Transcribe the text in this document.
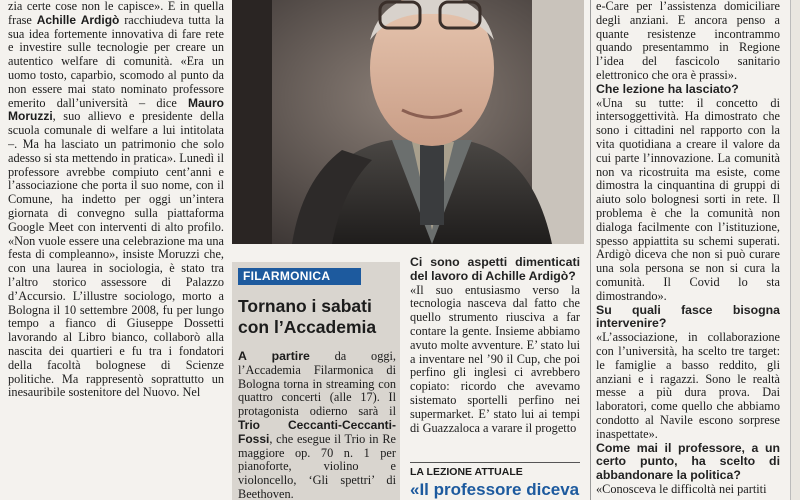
zia certe cose non le capisce». E in quella frase Achille Ardigò racchiudeva tutta la sua idea fortemente innovativa di fare rete e investire sulle tecnologie per creare un autentico welfare di comunità. «Era un uomo tosto, caparbio, scomodo al punto da non essere mai stato nominato professore emerito dall’università – dice Mauro Moruzzi, suo allievo e presidente della scuola comunale di welfare a lui intitolata –. Ma ha lasciato un patrimonio che solo adesso si sta mettendo in pratica». Lunedì il professore avrebbe compiuto cent’anni e l’associazione che porta il suo nome, con il Comune, ha indetto per oggi un’intera giornata di convegno sulla piattaforma Google Meet con interventi di alto profilo. «Non vuole essere una celebrazione ma una festa di compleanno», insiste Moruzzi che, con una laurea in sociologia, è stato tra l’altro storico assessore di Palazzo d’Accursio. L’illustre sociologo, morto a Bologna il 10 settembre 2008, fu per lungo tempo a fianco di Giuseppe Dossetti lavorando al Libro bianco, collaborò alla nascita dei quartieri e fu tra i fondatori della facoltà bolognese di Scienze politiche. Ma rappresentò soprattutto un inesauribile sostenitore del Nuovo. Nel

FILARMONICA
Tornano i sabati con l’Accademia

A partire da oggi, l’Accademia Filarmonica di Bologna torna in streaming con quattro concerti (alle 17). Il protagonista odierno sarà il Trio Ceccanti-Ceccanti-Fossi, che esegue il Trio in Re maggiore op. 70 n. 1 per pianoforte, violino e violoncello, ‘Gli spettri’ di Beethoven.

Ci sono aspetti dimenticati del lavoro di Achille Ardigò?

«Il suo entusiasmo verso la tecnologia nasceva dal fatto che quello strumento riusciva a far contare la gente. Insieme abbiamo avuto molte avventure. E’ stato lui a inventare nel ’90 il Cup, che poi perfino gli inglesi ci avrebbero copiato: ricordo che avevamo sistemato sportelli perfino nei supermarket. E’ stato lui ai tempi di Guazzaloca a varare il progetto

LA LEZIONE ATTUALE
«Il professore diceva

e-Care per l’assistenza domiciliare degli anziani. E ancora penso a quante resistenze incontrammo quando presentammo in Regione l’idea del fascicolo sanitario elettronico che ora è prassi».

Che lezione ha lasciato?

«Una su tutte: il concetto di intersoggettività. Ha dimostrato che sono i cittadini nel rapporto con la vita quotidiana a creare il valore da cui parte l’innovazione. La comunità non va ricostruita ma esiste, come dimostra la cinquantina di gruppi di aiuto solo bolognesi sorti in rete. Il problema è che la comunità non dialoga facilmente con l’istituzione, spesso appiattita su schemi superati. Ardigò diceva che non si può curare una sola persona se non si cura la comunità. Il Covid lo sta dimostrando».

Su quali fasce bisogna intervenire?

«L’associazione, in collaborazione con l’università, ha scelto tre target: le famiglie a basso reddito, gli anziani e i ragazzi. Sono le realtà messe a più dura prova. Dai laboratori, come quello che abbiamo condotto al Navile escono sorprese inaspettate».

Come mai il professore, a un certo punto, ha scelto di abbandonare la politica?

«Conosceva le difficoltà nei partiti
